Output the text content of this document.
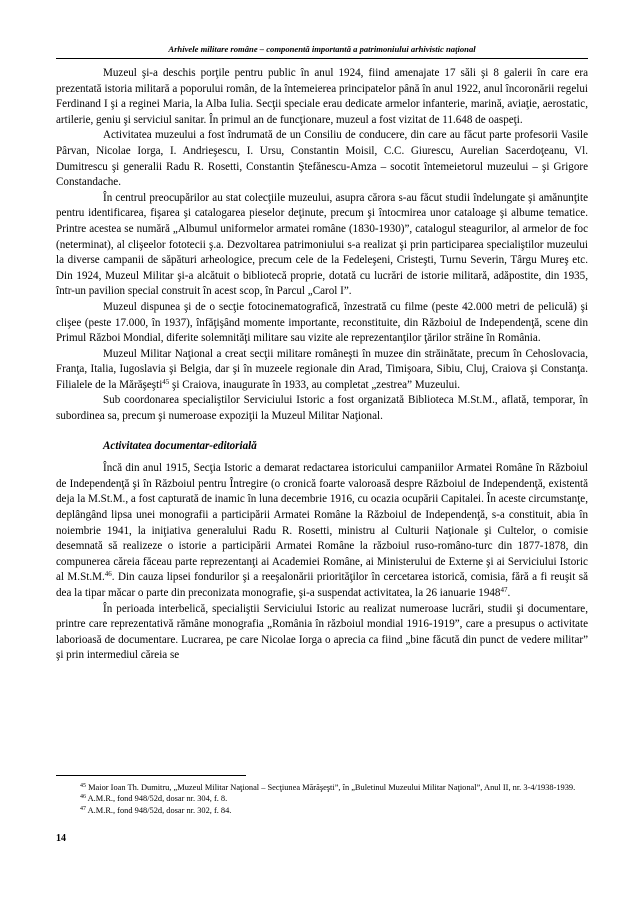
Arhivele militare române – componentă importantă a patrimoniului arhivistic naţional

Muzeul şi-a deschis porţile pentru public în anul 1924, fiind amenajate 17 săli şi 8 galerii în care era prezentată istoria militară a poporului român, de la întemeierea principatelor până în anul 1922, anul încoronării regelui Ferdinand I şi a reginei Maria, la Alba Iulia. Secţii speciale erau dedicate armelor infanterie, marină, aviaţie, aerostatic, artilerie, geniu şi serviciul sanitar. În primul an de funcţionare, muzeul a fost vizitat de 11.648 de oaspeţi.

Activitatea muzeului a fost îndrumată de un Consiliu de conducere, din care au făcut parte profesorii Vasile Pârvan, Nicolae Iorga, I. Andrieşescu, I. Ursu, Constantin Moisil, C.C. Giurescu, Aurelian Sacerdoţeanu, Vl. Dumitrescu şi generalii Radu R. Rosetti, Constantin Ştefănescu-Amza – socotit întemeietorul muzeului – şi Grigore Constandache.

În centrul preocupărilor au stat colecţiile muzeului, asupra cărora s-au făcut studii îndelungate şi amănunţite pentru identificarea, fişarea şi catalogarea pieselor deţinute, precum şi întocmirea unor cataloage şi albume tematice. Printre acestea se numără „Albumul uniformelor armatei române (1830-1930)”, catalogul steagurilor, al armelor de foc (neterminat), al clişeelor fototecii ş.a. Dezvoltarea patrimoniului s-a realizat şi prin participarea specialiştilor muzeului la diverse campanii de săpături arheologice, precum cele de la Fedeleşeni, Cristeşti, Turnu Severin, Târgu Mureş etc. Din 1924, Muzeul Militar şi-a alcătuit o bibliotecă proprie, dotată cu lucrări de istorie militară, adăpostite, din 1935, într-un pavilion special construit în acest scop, în Parcul „Carol I”.

Muzeul dispunea şi de o secţie fotocinematografică, înzestrată cu filme (peste 42.000 metri de peliculă) şi clişee (peste 17.000, în 1937), înfăţişând momente importante, reconstituite, din Războiul de Independenţă, scene din Primul Război Mondial, diferite solemnităţi militare sau vizite ale reprezentanţilor ţărilor străine în România.

Muzeul Militar Naţional a creat secţii militare româneşti în muzee din străinătate, precum în Cehoslovacia, Franţa, Italia, Iugoslavia şi Belgia, dar şi în muzeele regionale din Arad, Timişoara, Sibiu, Cluj, Craiova şi Constanţa. Filialele de la Mărăşeşti$^{45}$ şi Craiova, inaugurate în 1933, au completat „zestrea” Muzeului.

Sub coordonarea specialiştilor Serviciului Istoric a fost organizată Biblioteca M.St.M., aflată, temporar, în subordinea sa, precum şi numeroase expoziţii la Muzeul Militar Naţional.

Activitatea documentar-editorială

Încă din anul 1915, Secţia Istoric a demarat redactarea istoricului campaniilor Armatei Române în Războiul de Independenţă şi în Războiul pentru Întregire (o cronică foarte valoroasă despre Războiul de Independenţă, existentă deja la M.St.M., a fost capturată de inamic în luna decembrie 1916, cu ocazia ocupării Capitalei. În aceste circumstanţe, deplângând lipsa unei monografii a participării Armatei Române la Războiul de Independenţă, s-a constituit, abia în noiembrie 1941, la iniţiativa generalului Radu R. Rosetti, ministru al Culturii Naţionale şi Cultelor, o comisie desemnată să realizeze o istorie a participării Armatei Române la războiul ruso-româno-turc din 1877-1878, din compunerea căreia făceau parte reprezentanţi ai Academiei Române, ai Ministerului de Externe şi ai Serviciului Istoric al M.St.M.$^{46}$. Din cauza lipsei fondurilor şi a reeşalonării priorităţilor în cercetarea istorică, comisia, fără a fi reuşit să dea la tipar măcar o parte din preconizata monografie, şi-a suspendat activitatea, la 26 ianuarie 1948$^{47}$.

În perioada interbelică, specialiştii Serviciului Istoric au realizat numeroase lucrări, studii şi documentare, printre care reprezentativă rămâne monografia „România în războiul mondial 1916-1919”, care a presupus o activitate laborioasă de documentare. Lucrarea, pe care Nicolae Iorga o aprecia ca fiind „bine făcută din punct de vedere militar” şi prin intermediul căreia se

$^{45}$ Maior Ioan Th. Dumitru, „Muzeul Militar Naţional – Secţiunea Mărăşeşti”, în „Buletinul Muzeului Militar Naţional”, Anul II, nr. 3-4/1938-1939.

$^{46}$ A.M.R., fond 948/52d, dosar nr. 304, f. 8.

$^{47}$ A.M.R., fond 948/52d, dosar nr. 302, f. 84.

14
